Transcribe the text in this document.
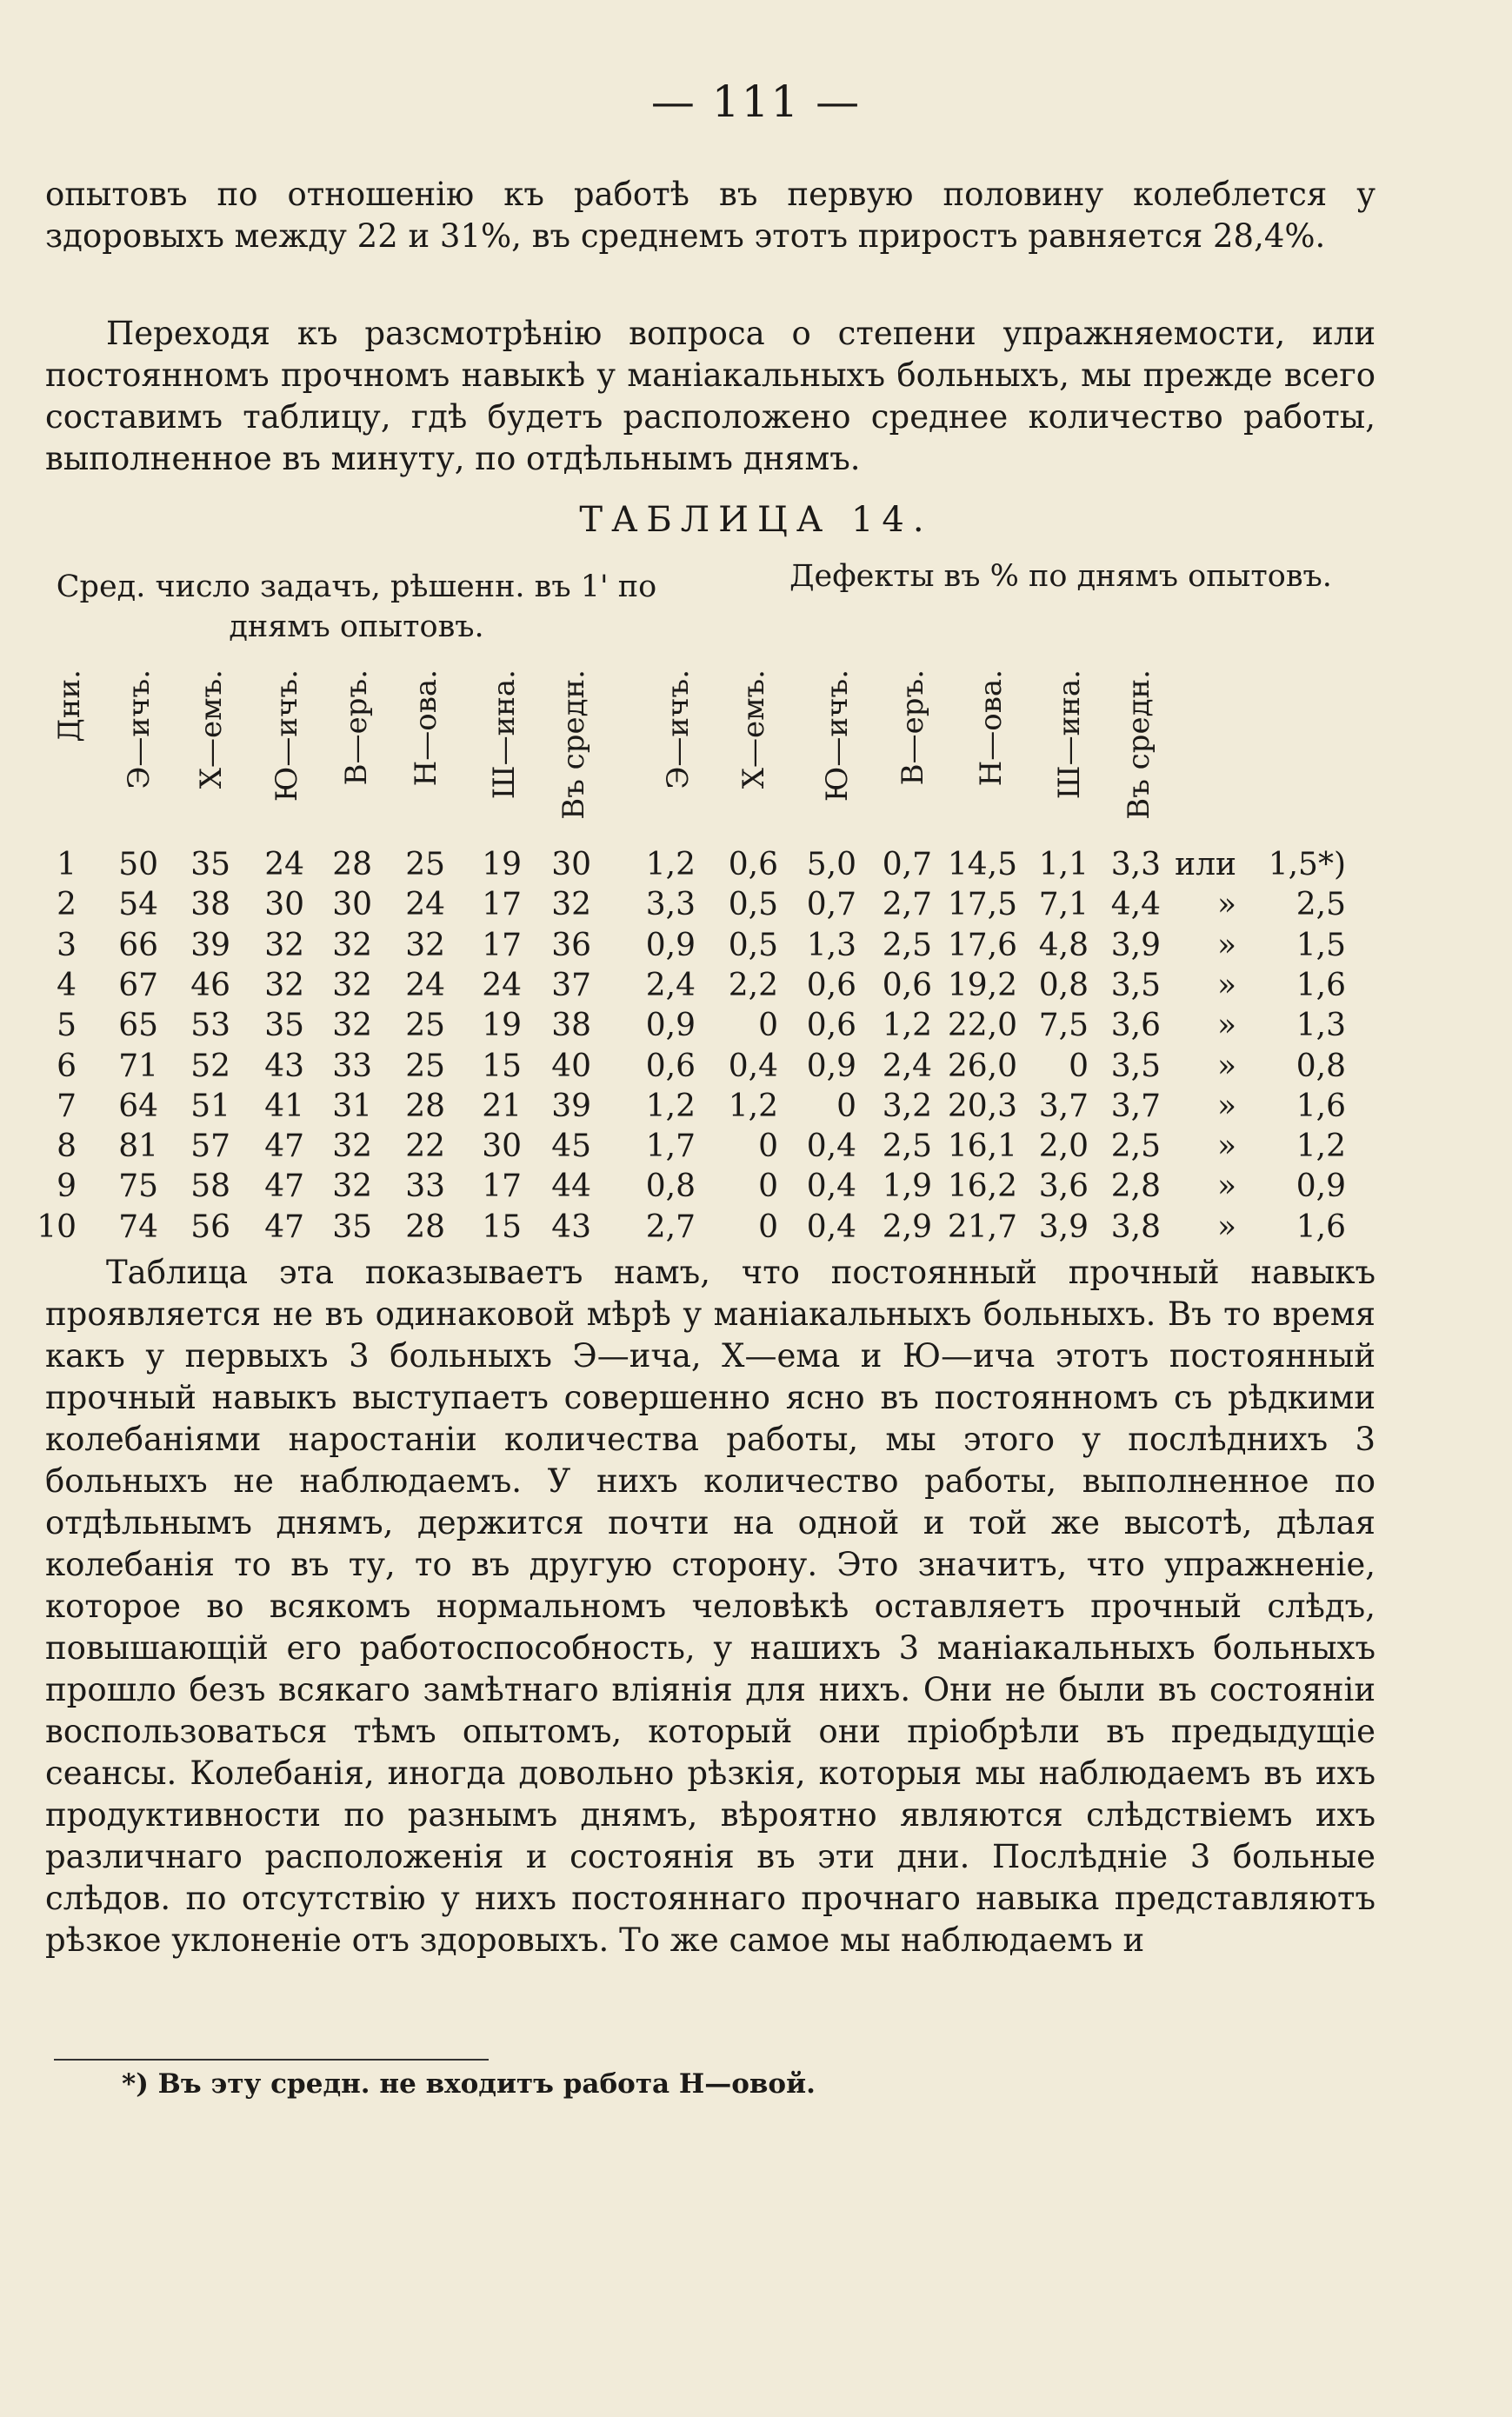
— 111 —

опытовъ по отношенію къ работѣ въ первую половину колеблется у здоровыхъ между 22 и 31%, въ среднемъ этотъ приростъ равняется 28,4%.

Переходя къ разсмотрѣнію вопроса о степени упражняемости, или постоянномъ прочномъ навыкѣ у маніакальныхъ больныхъ, мы прежде всего составимъ таблицу, гдѣ будетъ расположено среднее количество работы, выполненное въ минуту, по отдѣльнымъ днямъ.

ТАБЛИЦА 14.
Сред. число задачъ, рѣшенн. въ 1' по днямъ опытовъ.
Дефекты въ % по днямъ опытовъ.
Дни. Э—ичъ. Х—емъ. Ю—ичъ. В—еръ. Н—ова. Ш—ина. Въ средн. Э—ичъ. Х—емъ. Ю—ичъ. В—еръ. Н—ова. Ш—ина. Въ средн.
1 50 35 24 28 25 19 30 1,2 0,6 5,0 0,7 14,5 1,1 3,3 или 1,5*)
2 54 38 30 30 24 17 32 3,3 0,5 0,7 2,7 17,5 7,1 4,4 » 2,5
3 66 39 32 32 32 17 36 0,9 0,5 1,3 2,5 17,6 4,8 3,9 » 1,5
4 67 46 32 32 24 24 37 2,4 2,2 0,6 0,6 19,2 0,8 3,5 » 1,6
5 65 53 35 32 25 19 38 0,9 0 0,6 1,2 22,0 7,5 3,6 » 1,3
6 71 52 43 33 25 15 40 0,6 0,4 0,9 2,4 26,0 0 3,5 » 0,8
7 64 51 41 31 28 21 39 1,2 1,2 0 3,2 20,3 3,7 3,7 » 1,6
8 81 57 47 32 22 30 45 1,7 0 0,4 2,5 16,1 2,0 2,5 » 1,2
9 75 58 47 32 33 17 44 0,8 0 0,4 1,9 16,2 3,6 2,8 » 0,9
10 74 56 47 35 28 15 43 2,7 0 0,4 2,9 21,7 3,9 3,8 » 1,6

Таблица эта показываетъ намъ, что постоянный прочный навыкъ проявляется не въ одинаковой мѣрѣ у маніакальныхъ больныхъ. Въ то время какъ у первыхъ 3 больныхъ Э—ича, Х—ема и Ю—ича этотъ постоянный прочный навыкъ выступаетъ совершенно ясно въ постоянномъ съ рѣдкими колебаніями наростаніи количества работы, мы этого у послѣднихъ 3 больныхъ не наблюдаемъ. У нихъ количество работы, выполненное по отдѣльнымъ днямъ, держится почти на одной и той же высотѣ, дѣлая колебанія то въ ту, то въ другую сторону. Это значитъ, что упражненіе, которое во всякомъ нормальномъ человѣкѣ оставляетъ прочный слѣдъ, повышающій его работоспособность, у нашихъ 3 маніакальныхъ больныхъ прошло безъ всякаго замѣтнаго вліянія для нихъ. Они не были въ состояніи воспользоваться тѣмъ опытомъ, который они пріобрѣли въ предыдущіе сеансы. Колебанія, иногда довольно рѣзкія, которыя мы наблюдаемъ въ ихъ продуктивности по разнымъ днямъ, вѣроятно являются слѣдствіемъ ихъ различнаго расположенія и состоянія въ эти дни. Послѣдніе 3 больные слѣдов. по отсутствію у нихъ постояннаго прочнаго навыка представляютъ рѣзкое уклоненіе отъ здоровыхъ. То же самое мы наблюдаемъ и

*) Въ эту средн. не входитъ работа Н—овой.
